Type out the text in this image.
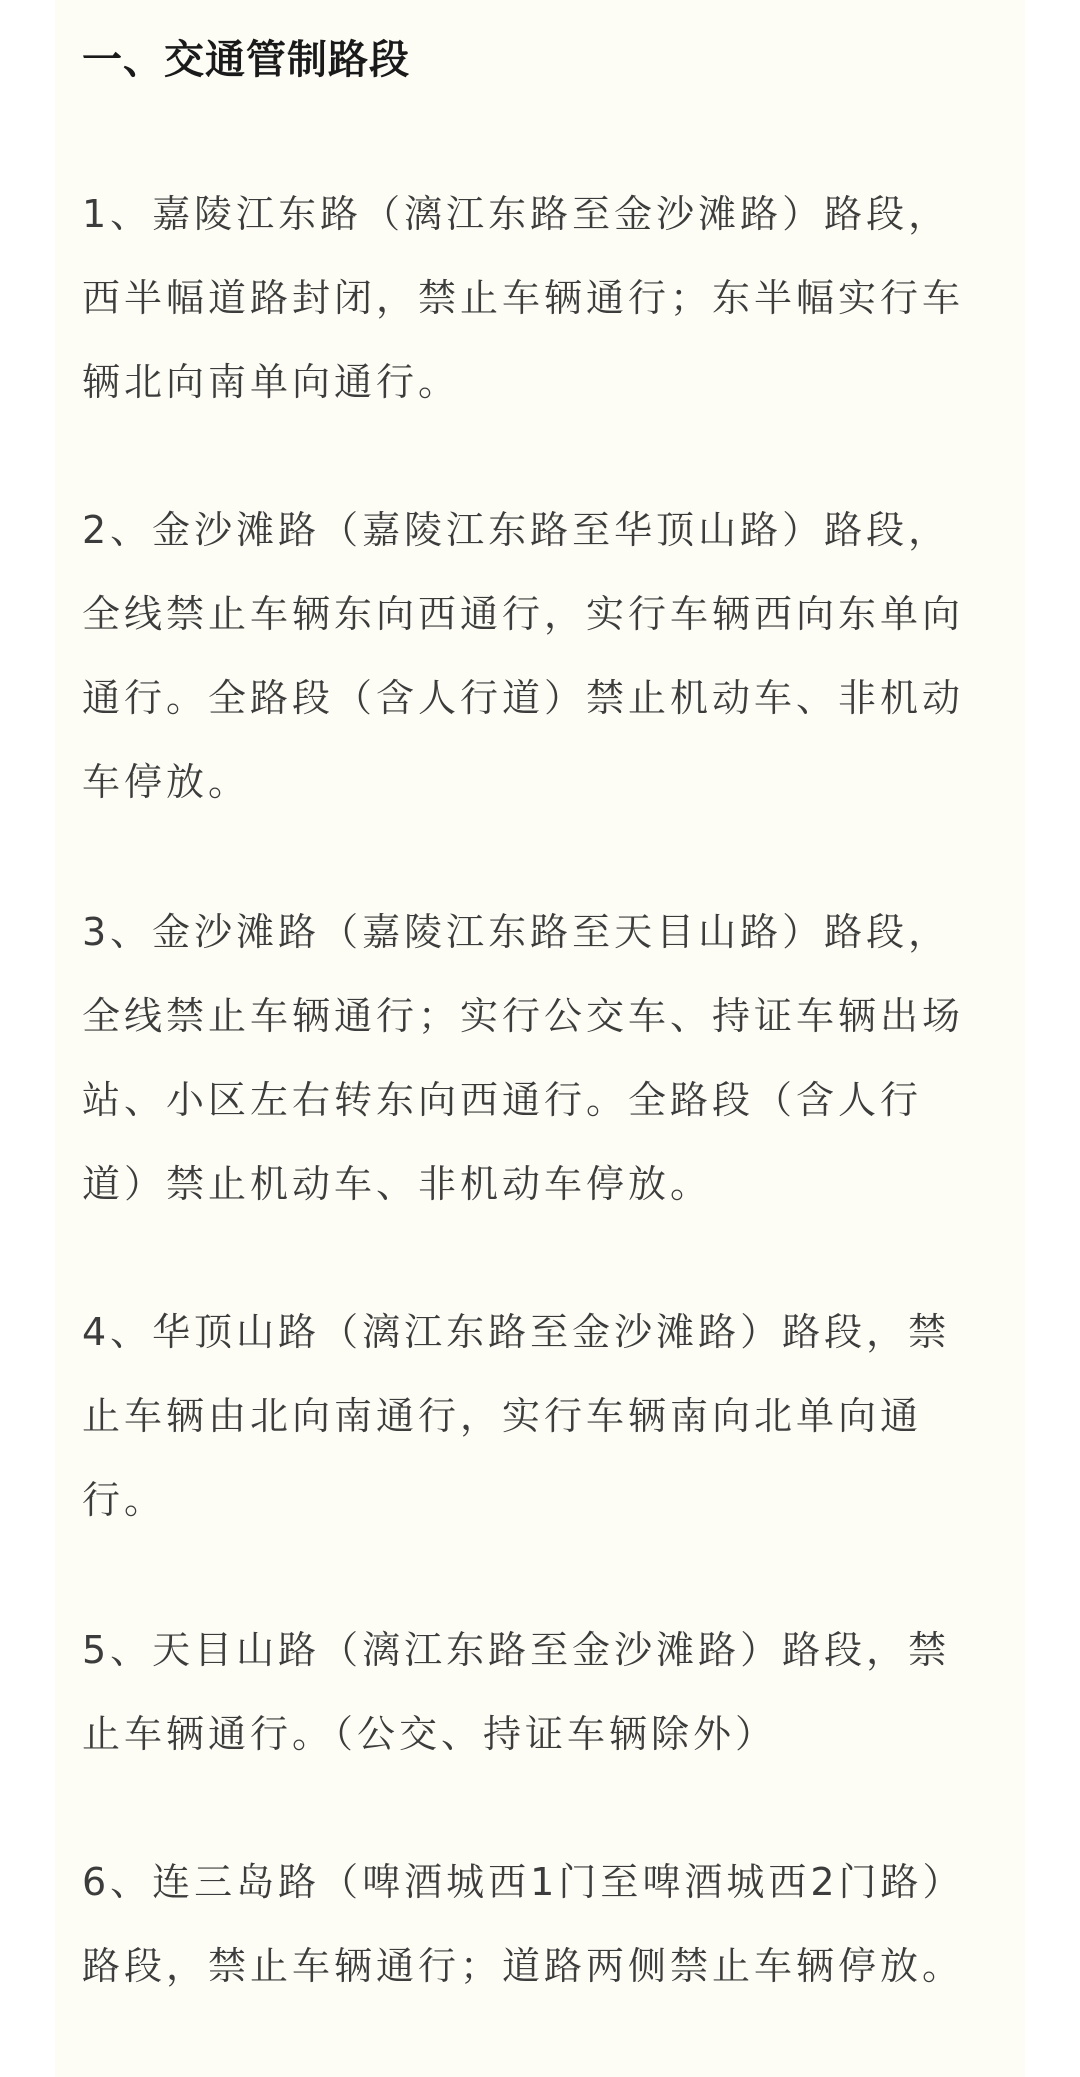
一、交通管制路段

1、嘉陵江东路（漓江东路至金沙滩路）路段，
西半幅道路封闭，禁止车辆通行；东半幅实行车
辆北向南单向通行。

2、金沙滩路（嘉陵江东路至华顶山路）路段，
全线禁止车辆东向西通行，实行车辆西向东单向
通行。全路段（含人行道）禁止机动车、非机动
车停放。

3、金沙滩路（嘉陵江东路至天目山路）路段，
全线禁止车辆通行；实行公交车、持证车辆出场
站、小区左右转东向西通行。全路段（含人行
道）禁止机动车、非机动车停放。

4、华顶山路（漓江东路至金沙滩路）路段，禁
止车辆由北向南通行，实行车辆南向北单向通
行。

5、天目山路（漓江东路至金沙滩路）路段，禁
止车辆通行。（公交、持证车辆除外）

6、连三岛路（啤酒城西1门至啤酒城西2门路）
路段，禁止车辆通行；道路两侧禁止车辆停放。
